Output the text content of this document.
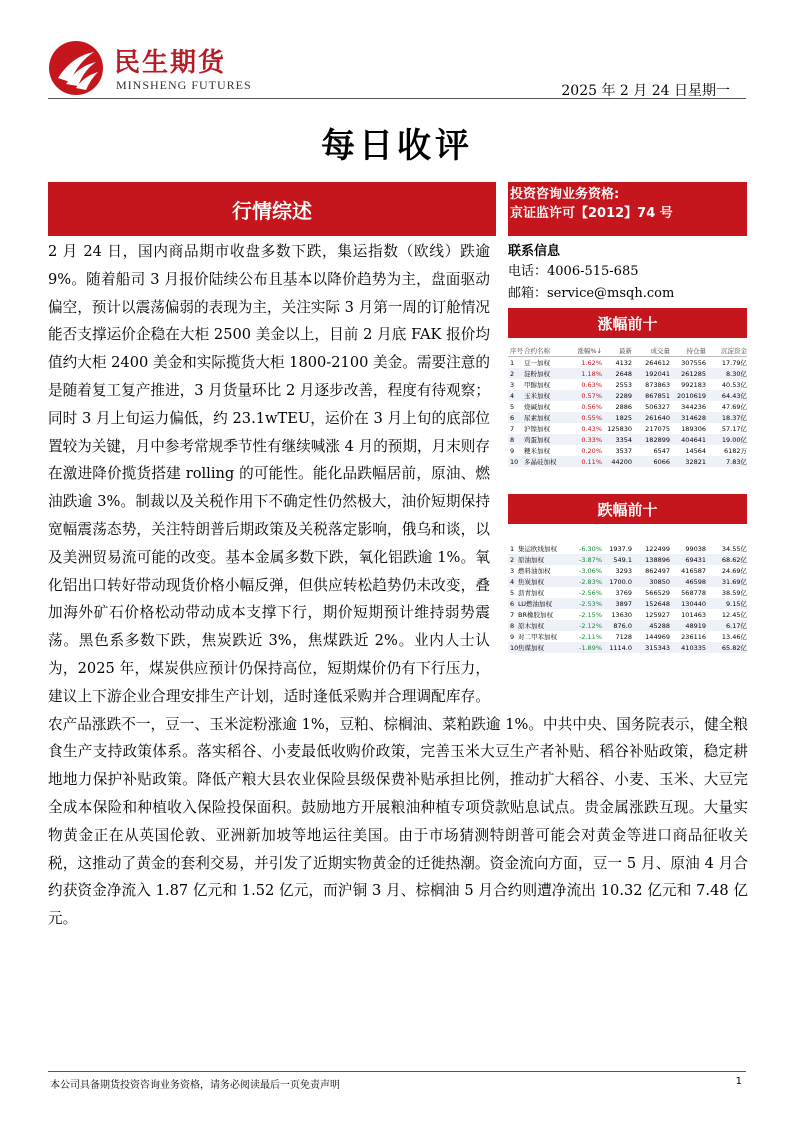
民生期货
MINSHENG FUTURES	2025 年 2 月 24 日星期一
每日收评
行情综述

2 月 24 日，国内商品期市收盘多数下跌，集运指数（欧线）跌逾 9%。随着船司 3 月报价陆续公布且基本以降价趋势为主，盘面驱动偏空，预计以震荡偏弱的表现为主，关注实际 3 月第一周的订舱情况能否支撑运价企稳在大柜 2500 美金以上，目前 2 月底 FAK 报价均值约大柜 2400 美金和实际揽货大柜 1800-2100 美金。需要注意的是随着复工复产推进，3 月货量环比 2 月逐步改善，程度有待观察；同时 3 月上旬运力偏低，约 23.1wTEU，运价在 3 月上旬的底部位置较为关键，月中参考常规季节性有继续喊涨 4 月的预期，月末则存在激进降价揽货搭建 rolling 的可能性。能化品跌幅居前，原油、燃油跌逾 3%。制裁以及关税作用下不确定性仍然极大，油价短期保持宽幅震荡态势，关注特朗普后期政策及关税落定影响，俄乌和谈，以及美洲贸易流可能的改变。基本金属多数下跌，氧化铝跌逾 1%。氧化铝出口转好带动现货价格小幅反弹，但供应转松趋势仍未改变，叠加海外矿石价格松动带动成本支撑下行，期价短期预计维持弱势震荡。黑色系多数下跌，焦炭跌近 3%，焦煤跌近 2%。业内人士认为，2025 年，煤炭供应预计仍保持高位，短期煤价仍有下行压力，建议上下游企业合理安排生产计划，适时逢低采购并合理调配库存。农产品涨跌不一，豆一、玉米淀粉涨逾 1%，豆粕、棕榈油、菜粕跌逾 1%。中共中央、国务院表示，健全粮食生产支持政策体系。落实稻谷、小麦最低收购价政策，完善玉米大豆生产者补贴、稻谷补贴政策，稳定耕地地力保护补贴政策。降低产粮大县农业保险县级保费补贴承担比例，推动扩大稻谷、小麦、玉米、大豆完全成本保险和种植收入保险投保面积。鼓励地方开展粮油种植专项贷款贴息试点。贵金属涨跌互现。大量实物黄金正在从英国伦敦、亚洲新加坡等地运往美国。由于市场猜测特朗普可能会对黄金等进口商品征收关税，这推动了黄金的套利交易，并引发了近期实物黄金的迁徙热潮。资金流向方面，豆一 5 月、原油 4 月合约获资金净流入 1.87 亿元和 1.52 亿元，而沪铜 3 月、棕榈油 5 月合约则遭净流出 10.32 亿元和 7.48 亿元。

投资咨询业务资格:
京证监许可【2012】74 号
联系信息
电话：4006-515-685
邮箱：service@msqh.com
涨幅前十
序号	合约名称	涨幅%↓	最新	成交量	持仓量	沉淀资金
1	豆一加权	1.62%	4132	264612	307556	17.79亿
2	淀粉加权	1.18%	2648	192041	261285	8.30亿
3	甲醇加权	0.63%	2553	873863	992183	40.53亿
4	玉米加权	0.57%	2289	867851	2010619	64.43亿
5	烧碱加权	0.56%	2886	506327	344236	47.69亿
6	尿素加权	0.55%	1825	261640	314628	18.37亿
7	沪镍加权	0.43%	125830	217075	189306	57.17亿
8	鸡蛋加权	0.33%	3354	182899	404641	19.00亿
9	粳米加权	0.20%	3537	6547	14564	6182万
10	多晶硅加权	0.11%	44200	6066	32821	7.83亿
跌幅前十
1	集运欧线加权	-6.30%	1937.9	122499	99038	34.55亿
2	原油加权	-3.87%	549.1	138896	69431	68.62亿
3	燃料油加权	-3.06%	3293	862497	416587	24.69亿
4	焦炭加权	-2.83%	1700.0	30850	46598	31.69亿
5	沥青加权	-2.56%	3769	566529	568778	38.59亿
6	LU燃油加权	-2.53%	3897	152648	130440	9.15亿
7	BR橡胶加权	-2.15%	13630	125927	101463	12.45亿
8	原木加权	-2.12%	876.0	45288	48919	6.17亿
9	对二甲苯加权	-2.11%	7128	144969	236116	13.46亿
10	焦煤加权	-1.89%	1114.0	315343	410335	65.82亿
本公司具备期货投资咨询业务资格，请务必阅读最后一页免责声明	1
